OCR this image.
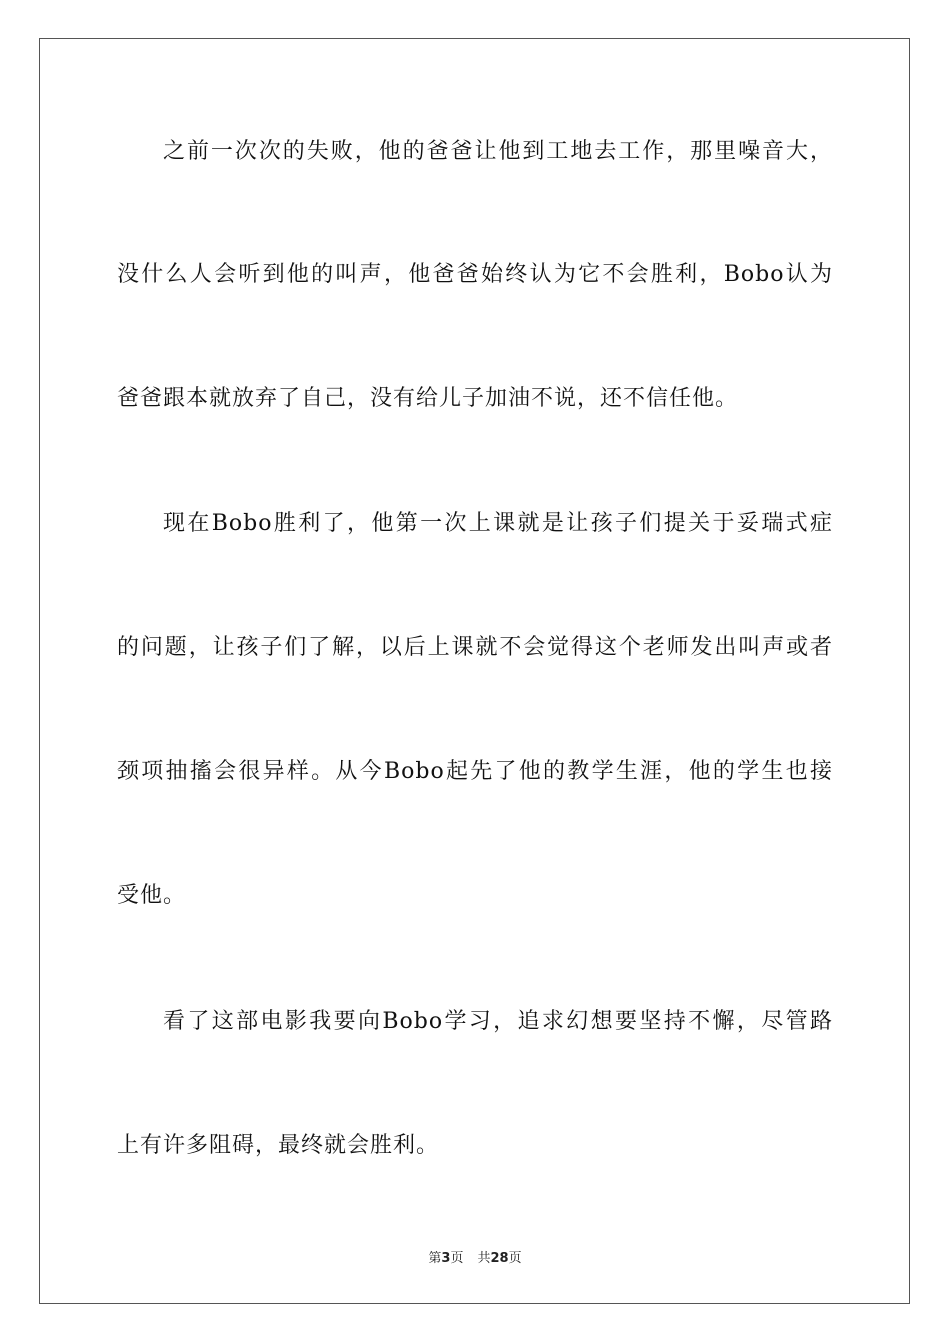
之前一次次的失败，他的爸爸让他到工地去工作，那里噪音大，
没什么人会听到他的叫声，他爸爸始终认为它不会胜利，Bobo认为
爸爸跟本就放弃了自己，没有给儿子加油不说，还不信任他。
现在Bobo胜利了，他第一次上课就是让孩子们提关于妥瑞式症
的问题，让孩子们了解，以后上课就不会觉得这个老师发出叫声或者
颈项抽搐会很异样。从今Bobo起先了他的教学生涯，他的学生也接
受他。
看了这部电影我要向Bobo学习，追求幻想要坚持不懈，尽管路
上有许多阻碍，最终就会胜利。
第3页 共28页
